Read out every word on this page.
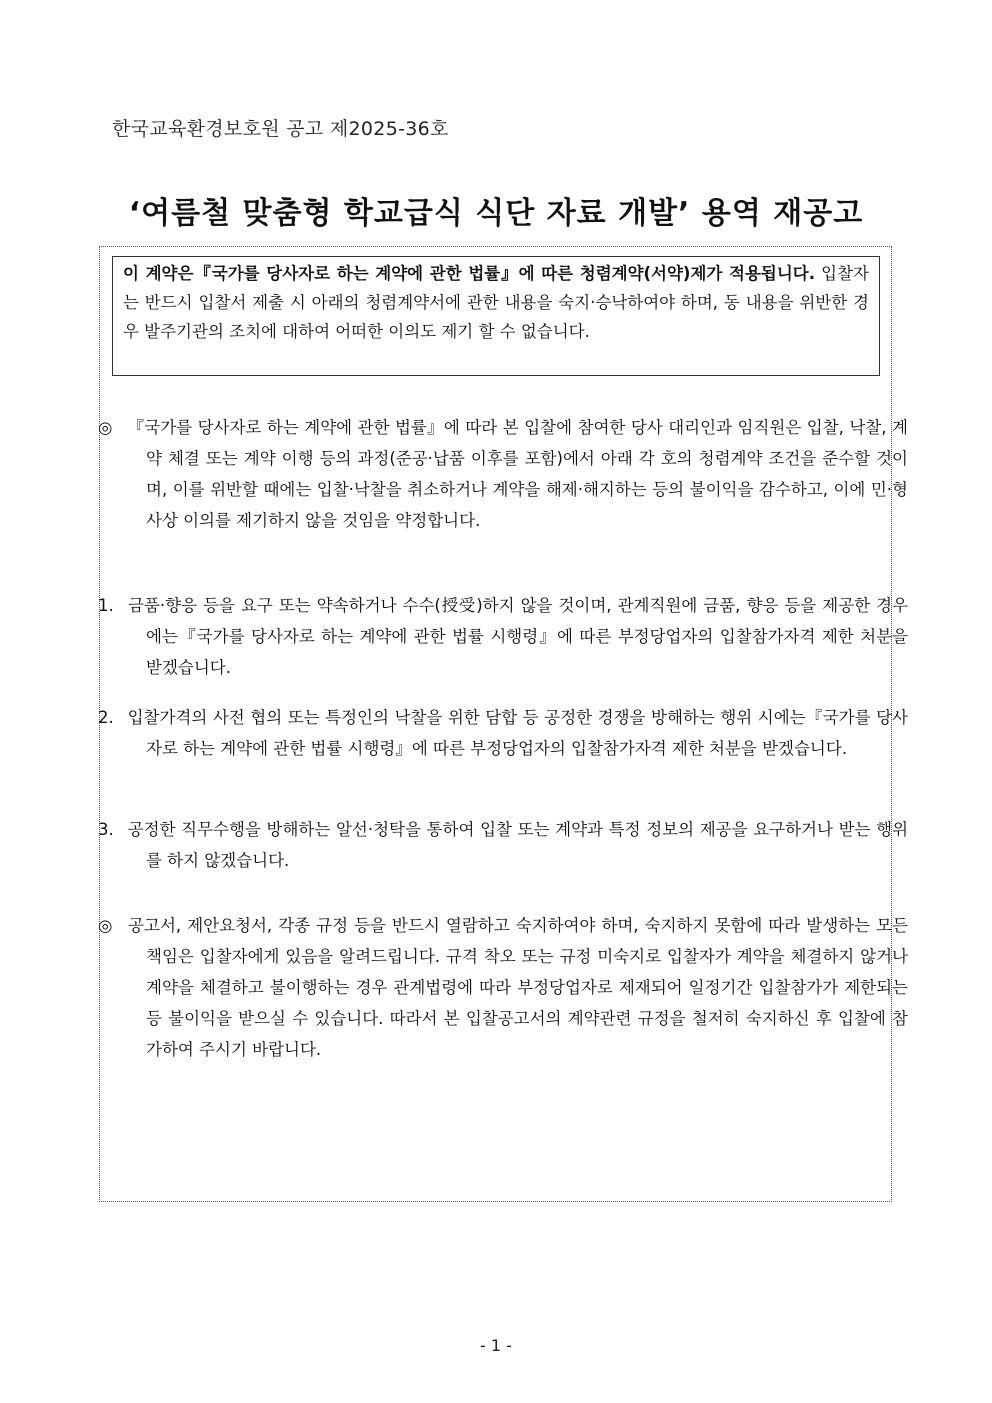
한국교육환경보호원 공고 제2025-36호
‘여름철 맞춤형 학교급식 식단 자료 개발’ 용역 재공고
이 계약은『국가를 당사자로 하는 계약에 관한 법률』에 따른 청렴계약(서약)제가 적용됩니다. 입찰자는 반드시 입찰서 제출 시 아래의 청렴계약서에 관한 내용을 숙지·승낙하여야 하며, 동 내용을 위반한 경우 발주기관의 조치에 대하여 어떠한 이의도 제기 할 수 없습니다.
◎ 『국가를 당사자로 하는 계약에 관한 법률』에 따라 본 입찰에 참여한 당사 대리인과 임직원은 입찰, 낙찰, 계약 체결 또는 계약 이행 등의 과정(준공·납품 이후를 포함)에서 아래 각 호의 청렴계약 조건을 준수할 것이며, 이를 위반할 때에는 입찰·낙찰을 취소하거나 계약을 해제·해지하는 등의 불이익을 감수하고, 이에 민·형사상 이의를 제기하지 않을 것임을 약정합니다.
1. 금품·향응 등을 요구 또는 약속하거나 수수(授受)하지 않을 것이며, 관계직원에 금품, 향응 등을 제공한 경우에는『국가를 당사자로 하는 계약에 관한 법률 시행령』에 따른 부정당업자의 입찰참가자격 제한 처분을 받겠습니다.
2. 입찰가격의 사전 협의 또는 특정인의 낙찰을 위한 담합 등 공정한 경쟁을 방해하는 행위 시에는『국가를 당사자로 하는 계약에 관한 법률 시행령』에 따른 부정당업자의 입찰참가자격 제한 처분을 받겠습니다.
3. 공정한 직무수행을 방해하는 알선·청탁을 통하여 입찰 또는 계약과 특정 정보의 제공을 요구하거나 받는 행위를 하지 않겠습니다.
◎ 공고서, 제안요청서, 각종 규정 등을 반드시 열람하고 숙지하여야 하며, 숙지하지 못함에 따라 발생하는 모든 책임은 입찰자에게 있음을 알려드립니다. 규격 착오 또는 규정 미숙지로 입찰자가 계약을 체결하지 않거나 계약을 체결하고 불이행하는 경우 관계법령에 따라 부정당업자로 제재되어 일정기간 입찰참가가 제한되는 등 불이익을 받으실 수 있습니다. 따라서 본 입찰공고서의 계약관련 규정을 철저히 숙지하신 후 입찰에 참가하여 주시기 바랍니다.
- 1 -
